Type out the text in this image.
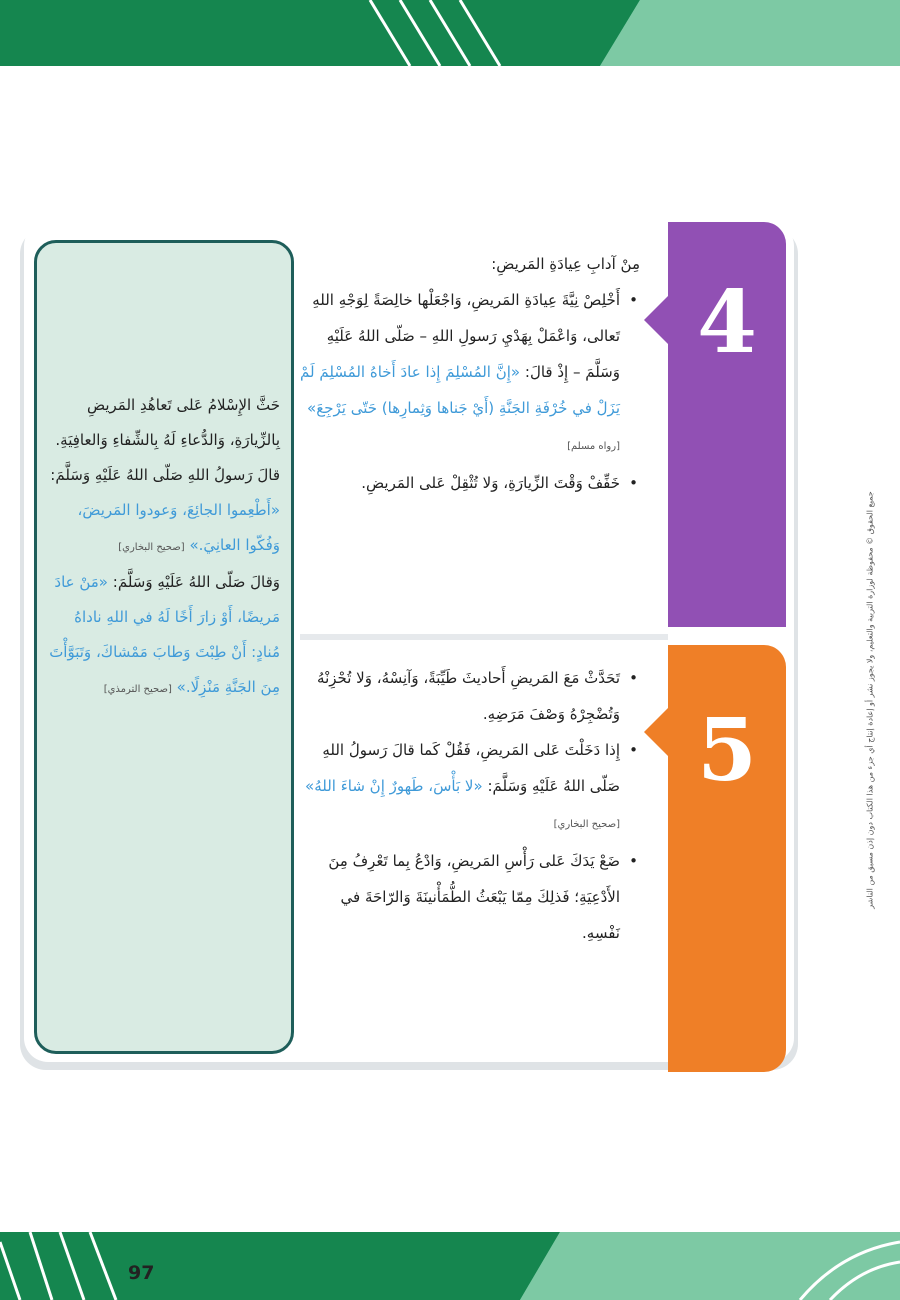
جميع الحقوق © محفوظة لوزارة التربية والتعليم، ولا يجوز نشر أو إعادة إنتاج أي جزء من هذا الكتاب دون إذن مسبق من الناشر
4
5

مِنْ آدابِ عِيادَةِ المَريضِ:

• أَخْلِصْ نِيَّةَ عِيادَةِ المَريضِ، وَاجْعَلْها خالِصَةً لِوَجْهِ اللهِ تَعالى، وَاعْمَلْ بِهَدْيِ رَسولِ اللهِ – صَلّى اللهُ عَلَيْهِ وَسَلَّمَ – إِذْ قالَ: «إِنَّ المُسْلِمَ إِذا عادَ أَخاهُ المُسْلِمَ لَمْ يَزَلْ في خُرْفَةِ الجَنَّةِ (أَيْ جَناها وَثِمارِها) حَتّى يَرْجِعَ» [رواه مسلم]
• خَفِّفْ وَقْتَ الزِّيارَةِ، وَلا تُثْقِلْ عَلى المَريضِ.
• تَحَدَّثْ مَعَ المَريضِ أَحاديثَ طَيِّبَةً، وَآنِسْهُ، وَلا تُحْزِنْهُ وَتُضْجِرْهُ وَصْفَ مَرَضِهِ.
• إِذا دَخَلْتَ عَلى المَريضِ، فَقُلْ كَما قالَ رَسولُ اللهِ صَلّى اللهُ عَلَيْهِ وَسَلَّمَ: «لا بَأْسَ، طَهورٌ إِنْ شاءَ اللهُ» [صحيح البخاري]
• ضَعْ يَدَكَ عَلى رَأْسِ المَريضِ، وَادْعُ بِما تَعْرِفُ مِنَ الأَدْعِيَةِ؛ فَذلِكَ مِمّا يَبْعَثُ الطُّمَأْنينَةَ وَالرّاحَةَ في نَفْسِهِ.

حَثَّ الإِسْلامُ عَلى تَعاهُدِ المَريضِ بِالزِّيارَةِ، وَالدُّعاءِ لَهُ بِالشِّفاءِ وَالعافِيَةِ.

قالَ رَسولُ اللهِ صَلّى اللهُ عَلَيْهِ وَسَلَّمَ: «أَطْعِموا الجائِعَ، وَعودوا المَريضَ، وَفُكّوا العانِيَ.» [صحيح البخاري]

وَقالَ صَلّى اللهُ عَلَيْهِ وَسَلَّمَ: «مَنْ عادَ مَريضًا، أَوْ زارَ أَخًا لَهُ في اللهِ ناداهُ مُنادٍ: أَنْ طِبْتَ وَطابَ مَمْشاكَ، وَتَبَوَّأْتَ مِنَ الجَنَّةِ مَنْزِلًا.» [صحيح الترمذي]

97
